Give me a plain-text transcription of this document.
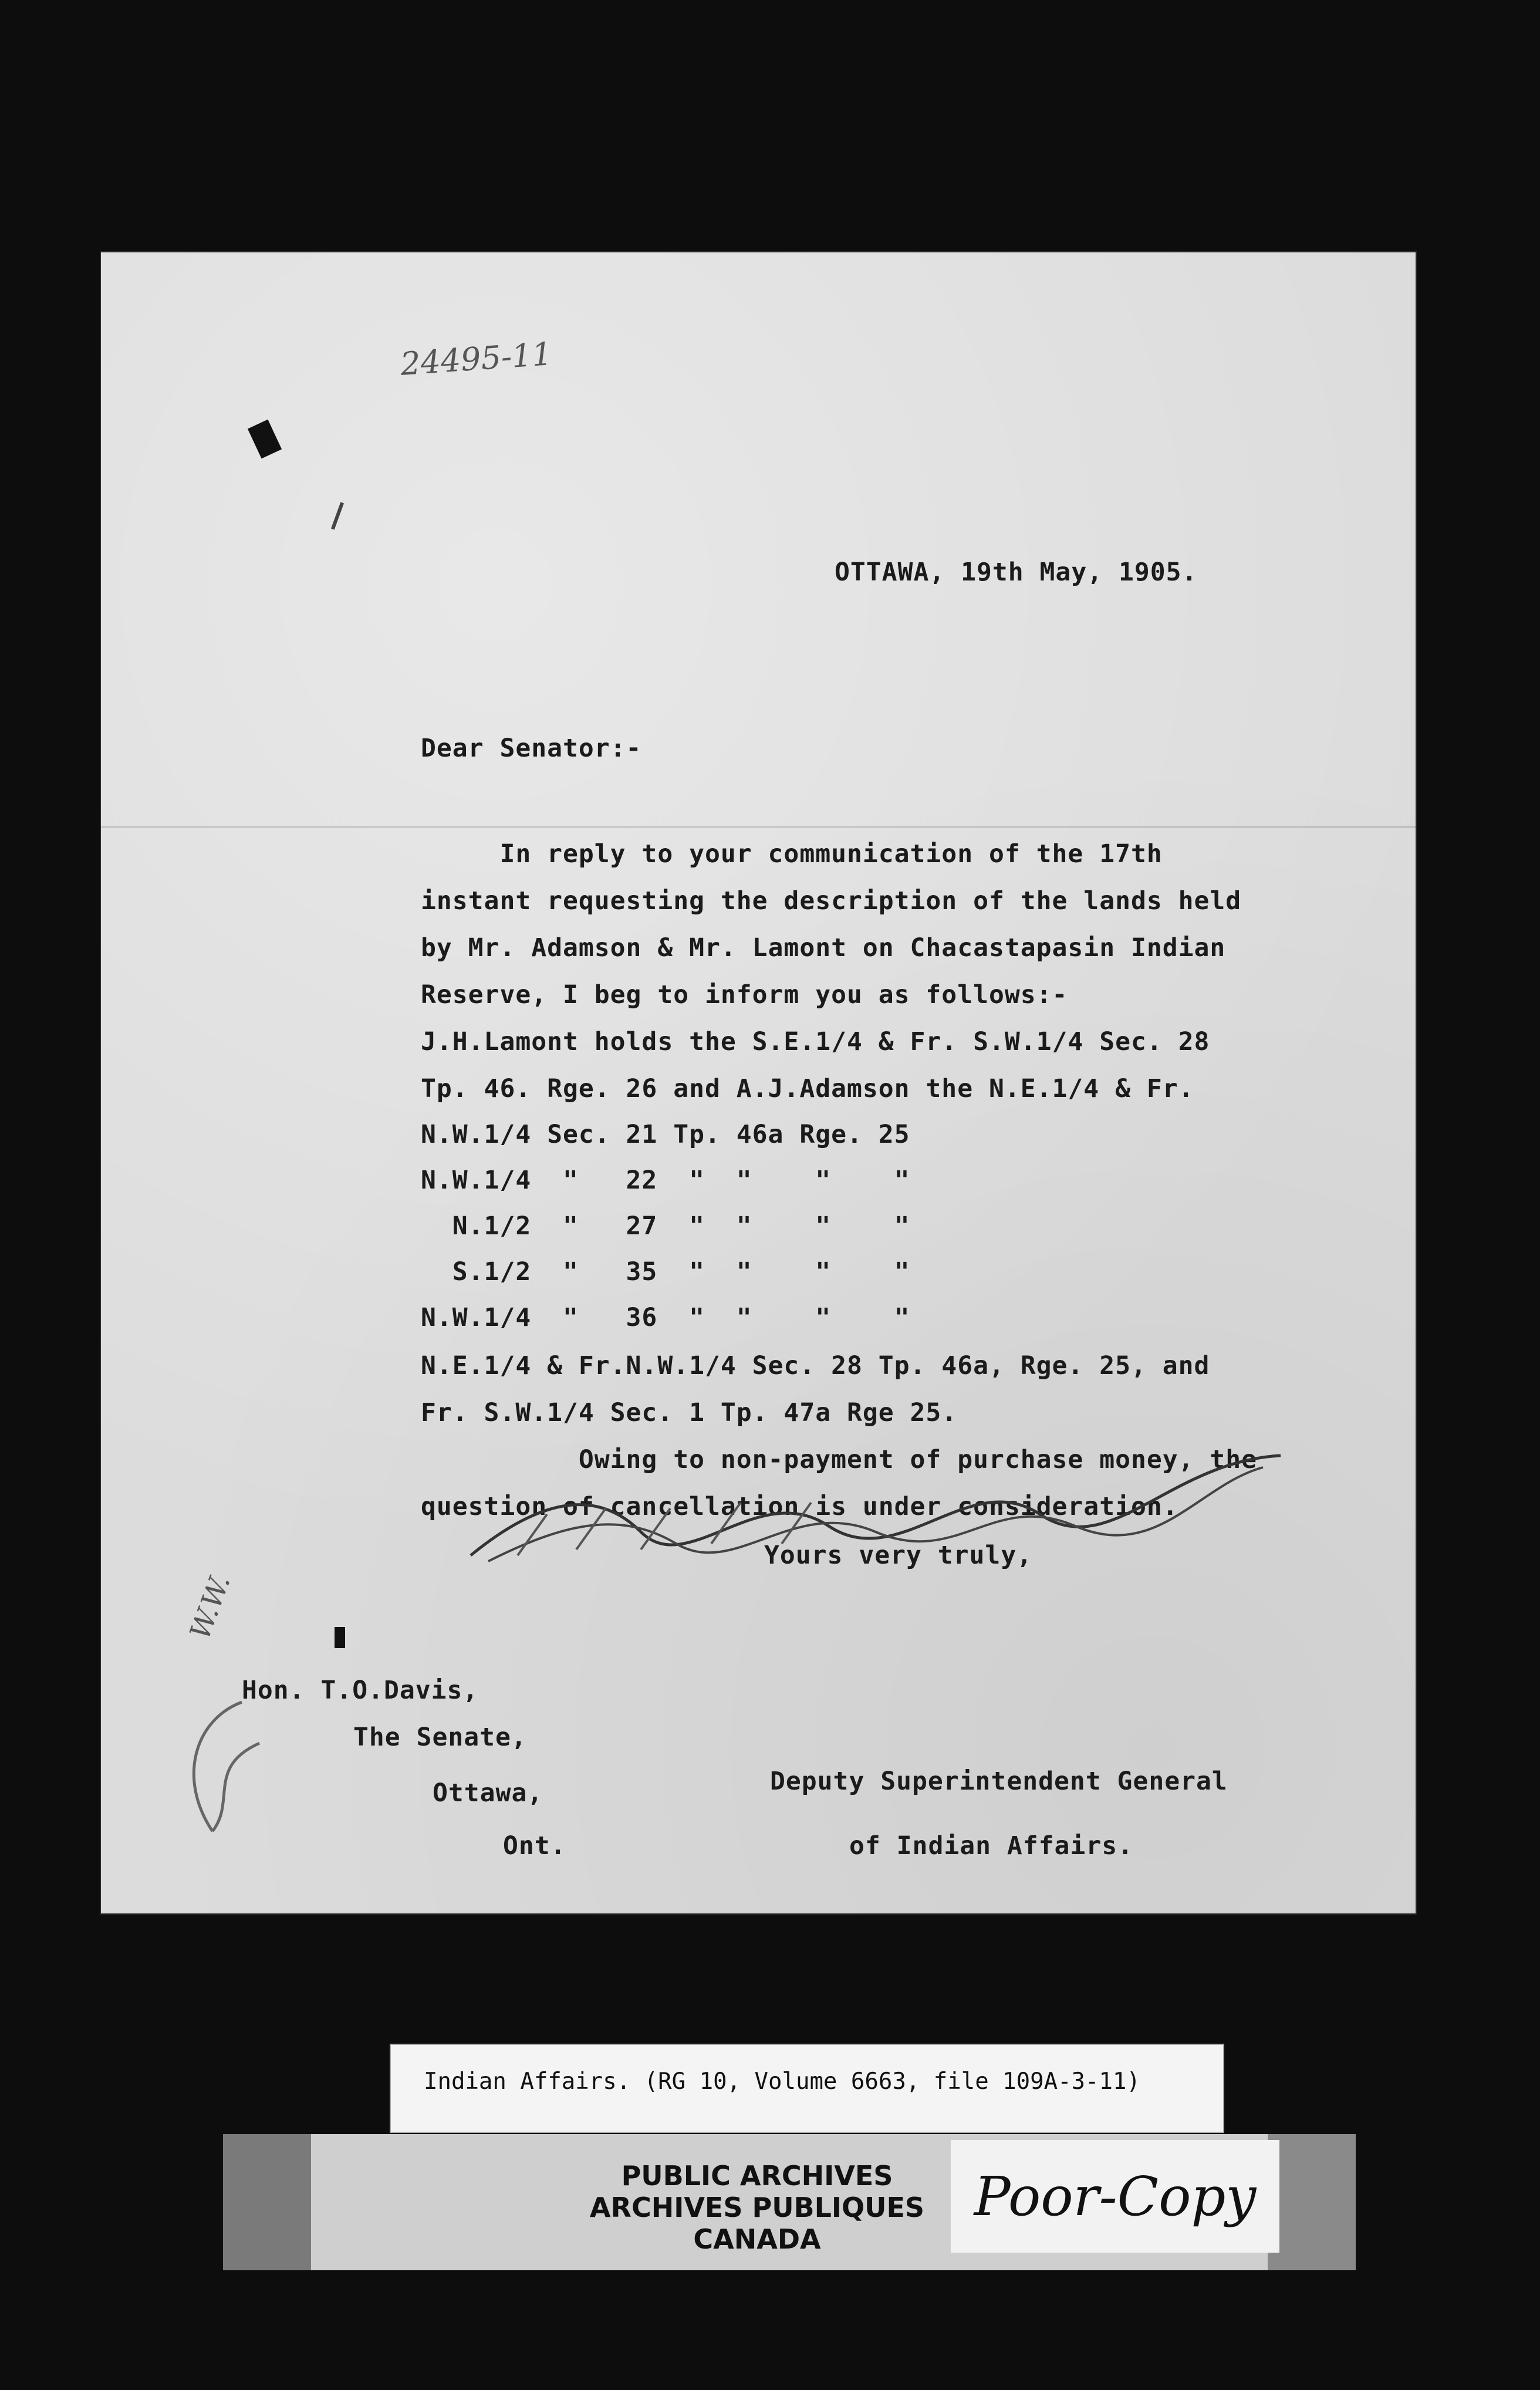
24495-11
OTTAWA, 19th May, 1905.
Dear Senator:-
In reply to your communication of the 17th
instant requesting the description of the lands held
by Mr. Adamson & Mr. Lamont on Chacastapasin Indian
Reserve, I beg to inform you as follows:-
J.H.Lamont holds the S.E.1/4 & Fr. S.W.1/4 Sec. 28
Tp. 46. Rge. 26 and A.J.Adamson the N.E.1/4 & Fr.
N.W.1/4 Sec. 21 Tp. 46a Rge. 25
N.W.1/4  "   22  "  "    "    "
N.1/2  "   27  "  "    "    "
S.1/2  "   35  "  "    "    "
N.W.1/4  "   36  "  "    "    "
N.E.1/4 & Fr.N.W.1/4 Sec. 28 Tp. 46a, Rge. 25, and
Fr. S.W.1/4 Sec. 1 Tp. 47a Rge 25.
Owing to non-payment of purchase money, the
question of cancellation is under consideration.
W.W.
Yours very truly,
Hon. T.O.Davis,
The Senate,
Ottawa,
Ont.
Deputy Superintendent General
of Indian Affairs.
Indian Affairs. (RG 10, Volume 6663, file 109A-3-11)
PUBLIC ARCHIVES
ARCHIVES PUBLIQUES
CANADA
Poor-Copy
